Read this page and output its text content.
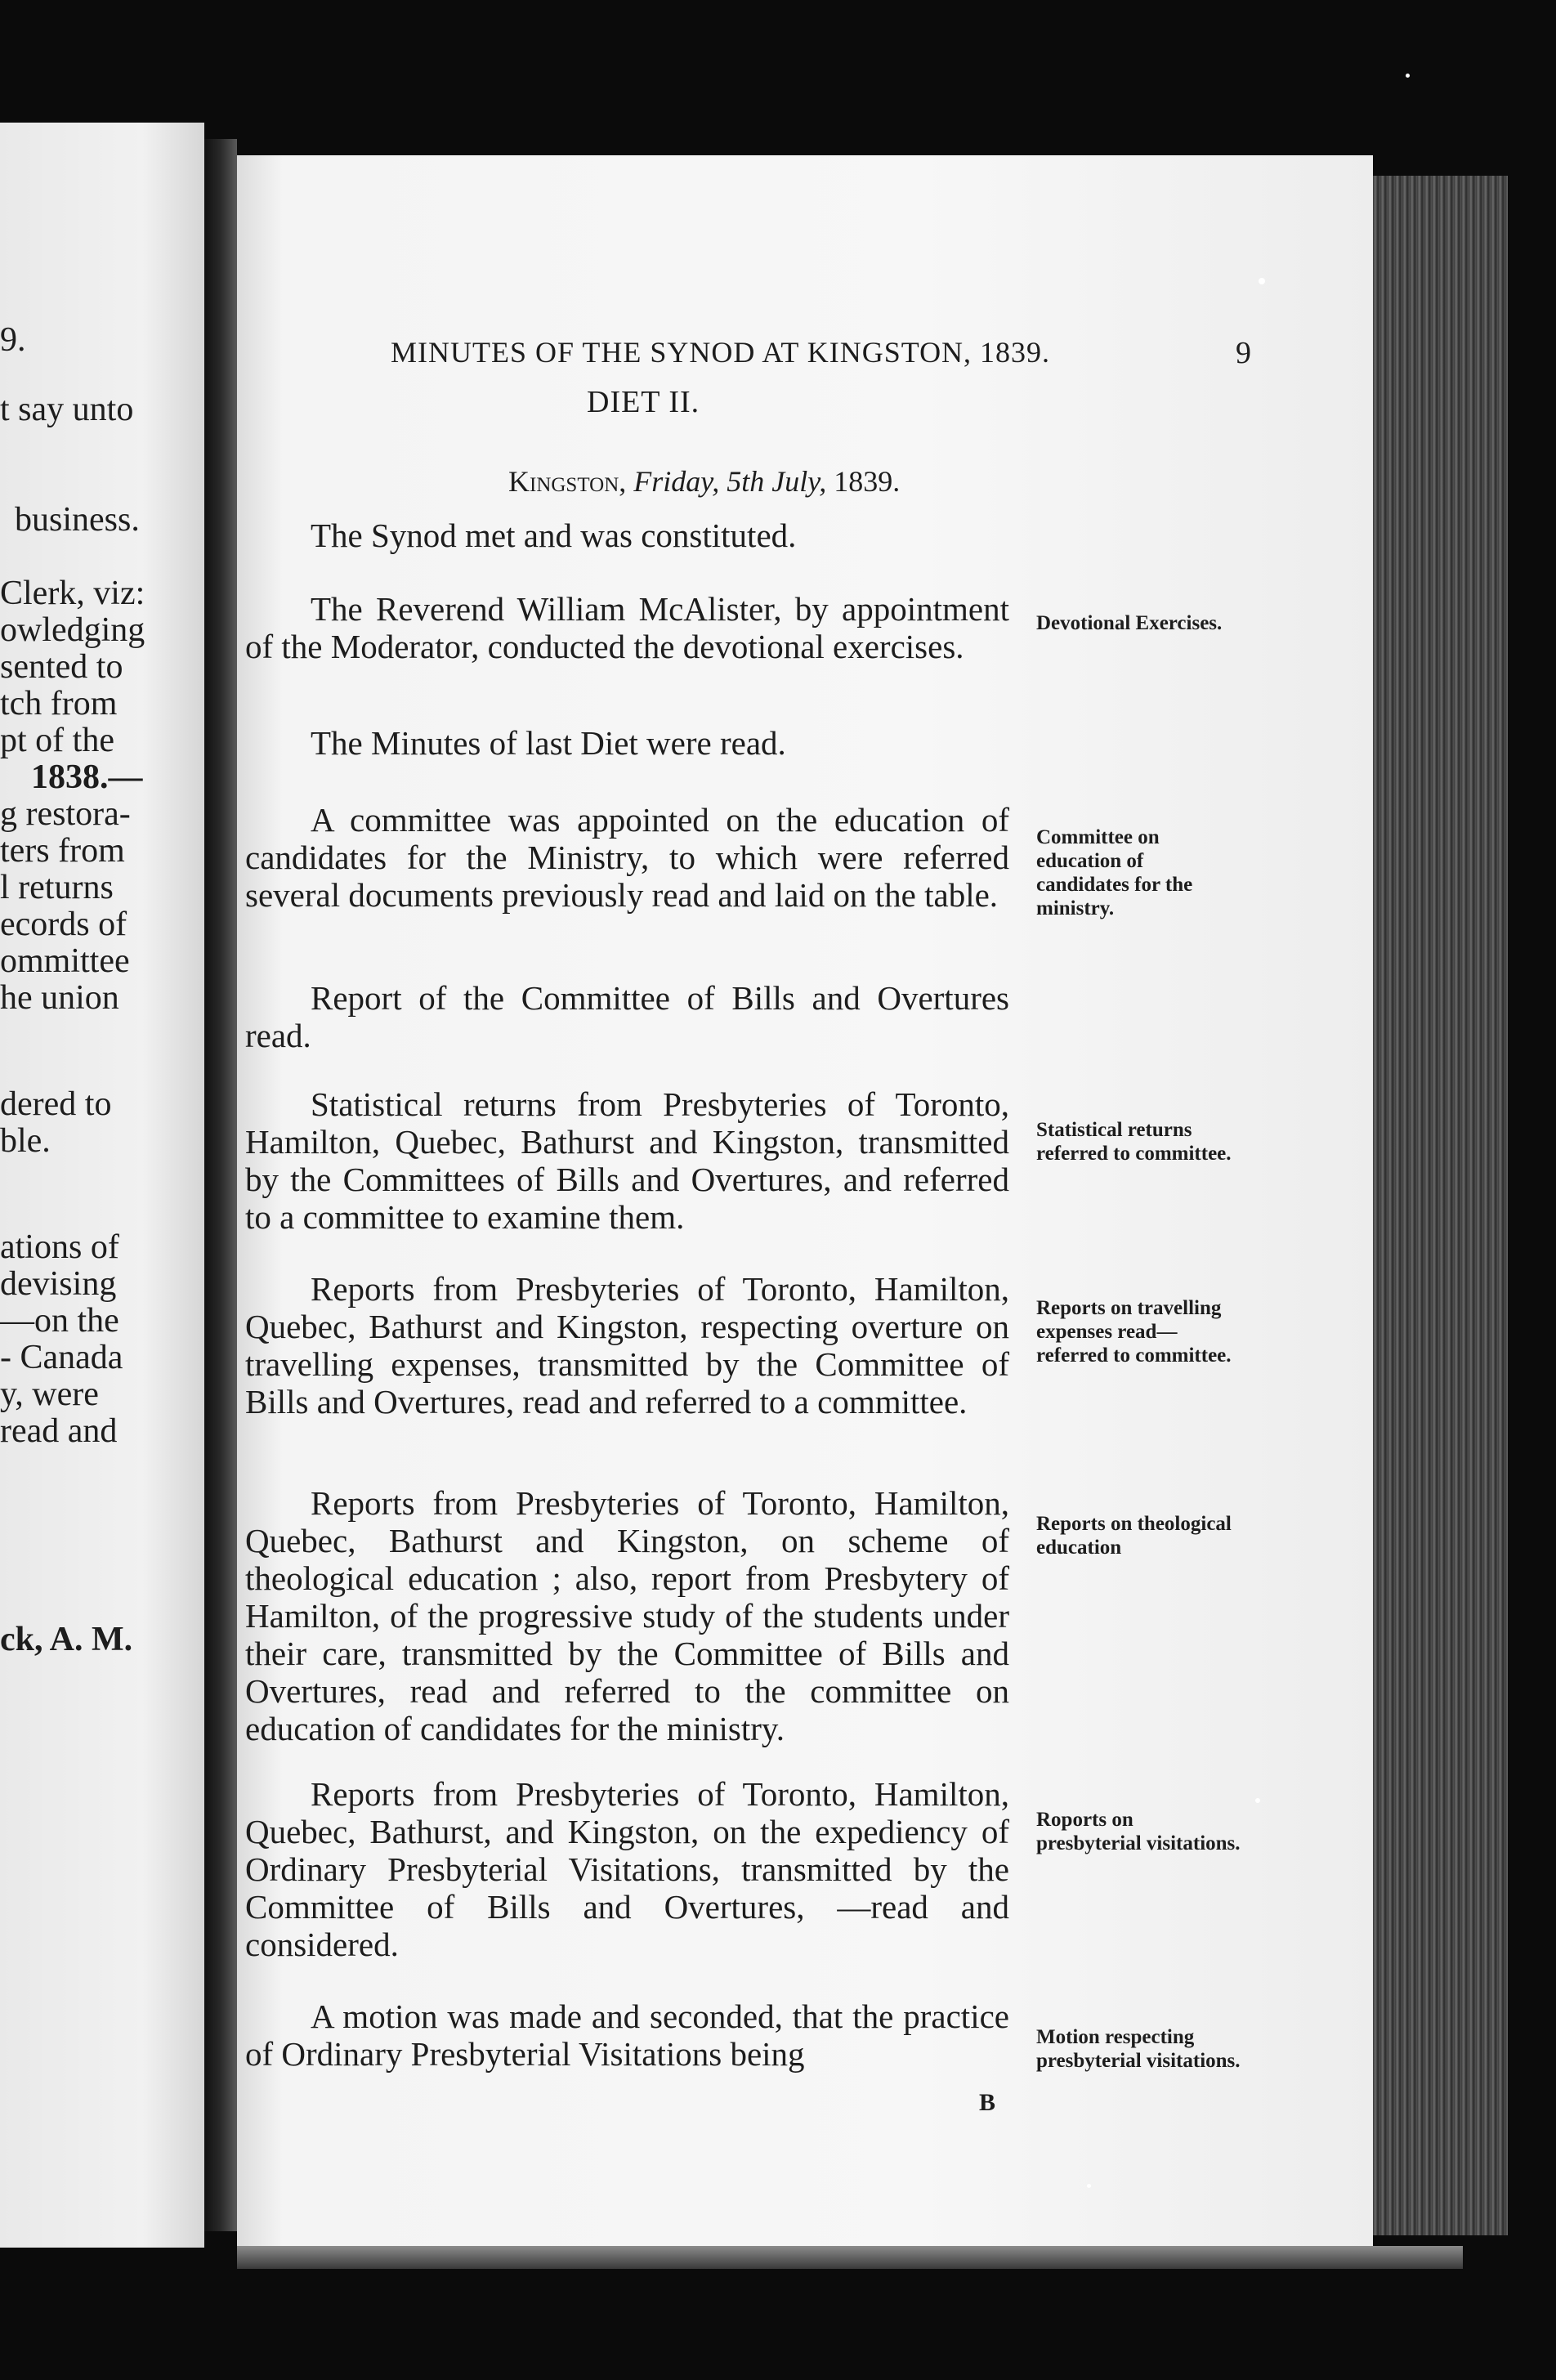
9.
t say unto
business.
Clerk, viz:
owledging
sented to
tch from
pt of the
1838.—
g restora-
ters from
l returns
ecords of
ommittee
he union
dered to
ble.
ations of
devising
—on the
- Canada
y, were
read and
ck, A. M.

MINUTES OF THE SYNOD AT KINGSTON, 1839.	9
DIET II.
Kingston, Friday, 5th July, 1839.
The Synod met and was constituted.
The Reverend William McAlister, by appointment of the Moderator, conducted the devotional exercises.
The Minutes of last Diet were read.
A committee was appointed on the education of candidates for the Ministry, to which were referred several documents previously read and laid on the table.
Report of the Committee of Bills and Overtures read.
Statistical returns from Presbyteries of Toronto, Hamilton, Quebec, Bathurst and Kingston, transmitted by the Committees of Bills and Overtures, and referred to a committee to examine them.
Reports from Presbyteries of Toronto, Hamilton, Quebec, Bathurst and Kingston, respecting overture on travelling expenses, transmitted by the Committee of Bills and Overtures, read and referred to a committee.
Reports from Presbyteries of Toronto, Hamilton, Quebec, Bathurst and Kingston, on scheme of theological education ; also, report from Presbytery of Hamilton, of the progressive study of the students under their care, transmitted by the Committee of Bills and Overtures, read and referred to the committee on education of candidates for the ministry.
Reports from Presbyteries of Toronto, Hamilton, Quebec, Bathurst, and Kingston, on the expediency of Ordinary Presbyterial Visitations, transmitted by the Committee of Bills and Overtures, —read and considered.
A motion was made and seconded, that the practice of Ordinary Presbyterial Visitations being
Devotional Exercises.
Committee on education of candidates for the ministry.
Statistical returns referred to committee.
Reports on travelling expenses read—referred to committee.
Reports on theological education
Roports on presbyterial visitations.
Motion respecting presbyterial visitations.
B
